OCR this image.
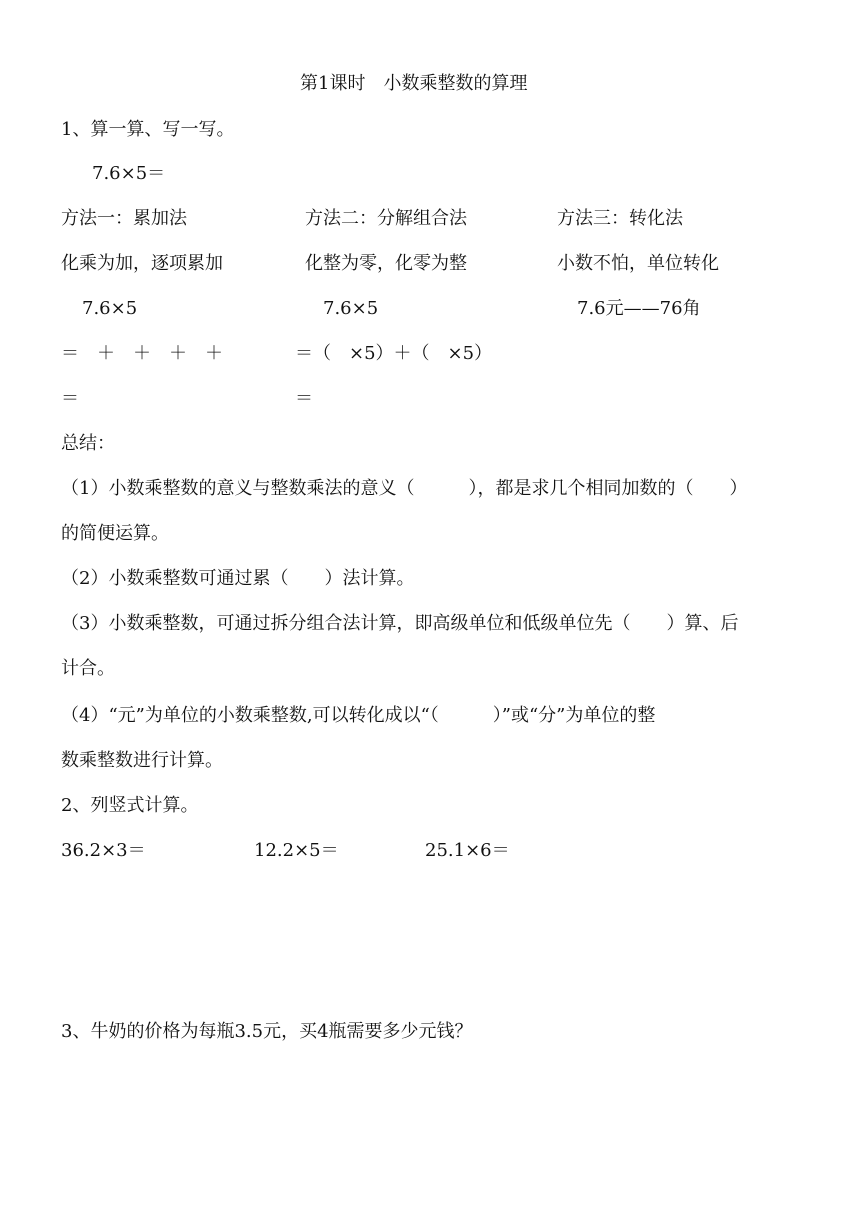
第1课时　小数乘整数的算理
1、算一算、写一写。
7.6×5＝
方法一：累加法	方法二：分解组合法	方法三：转化法
化乘为加，逐项累加	化整为零，化零为整	小数不怕，单位转化
7.6×5	7.6×5	7.6元——76角
＝　＋　＋　＋　＋	＝（　×5）＋（　×5）
＝	＝
总结：
（1）小数乘整数的意义与整数乘法的意义（　　　），都是求几个相同加数的（　　）
的简便运算。
（2）小数乘整数可通过累（　　）法计算。
（3）小数乘整数，可通过拆分组合法计算，即高级单位和低级单位先（　　）算、后
计合。
（4）“元”为单位的小数乘整数,可以转化成以“（　　　）”或“分”为单位的整
数乘整数进行计算。
2、列竖式计算。
36.2×3＝	12.2×5＝	25.1×6＝
3、牛奶的价格为每瓶3.5元，买4瓶需要多少元钱？
